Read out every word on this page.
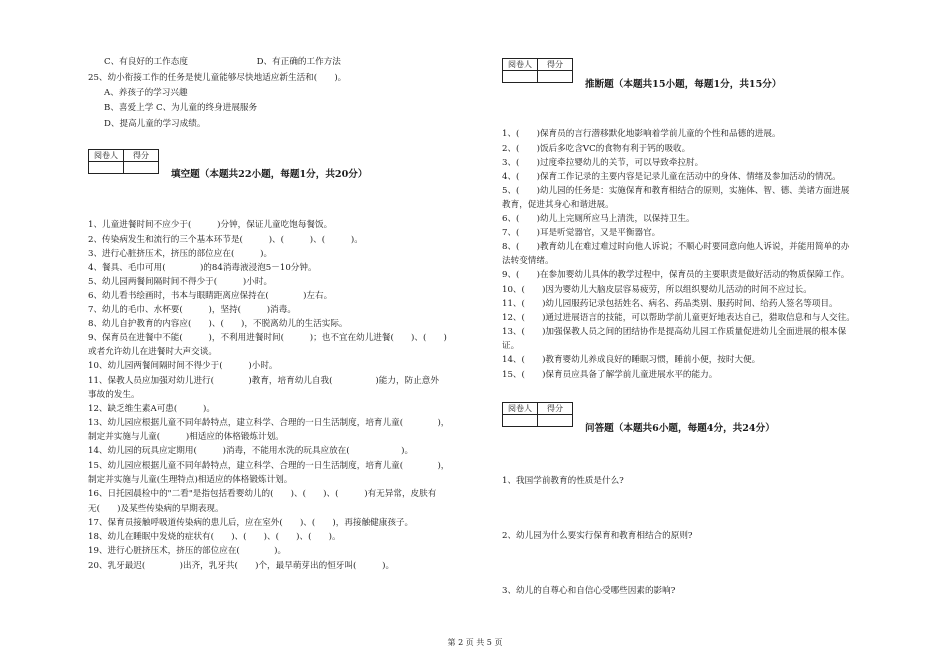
C、有良好的工作态度　　　　　　　　D、有正确的工作方法
25、幼小衔接工作的任务是使儿童能够尽快地适应新生活和(　　)。
A、养孩子的学习兴趣
B、喜爱上学 C、为儿童的终身进展服务
D、提高儿童的学习成绩。
阅卷人	得分

填空题（本题共22小题，每题1分，共20分）
1、儿童进餐时间不应少于(　　　)分钟，保证儿童吃饱每餐饭。
2、传染病发生和流行的三个基本环节是(　　　)、(　　　)、(　　　)。
3、进行心脏挤压术，挤压的部位应在(　　　)。
4、餐具、毛巾可用(　　　　)的84消毒液浸泡5－10分钟。
5、幼儿园两餐间隔时间不得少于(　　　)小时。
6、幼儿看书绘画时，书本与眼睛距离应保持在(　　　　)左右。
7、幼儿的毛巾、水杯要(　　　)，坚持(　　　)消毒。
8、幼儿自护教育的内容应(　　)、(　　)，不脱离幼儿的生活实际。
9、保育员在进餐中不能(　　　)，不利用进餐时间(　　　)；也不宜在幼儿进餐(　　)、(　　)
或者允许幼儿在进餐时大声交谈。
10、幼儿园两餐间隔时间不得少于(　　　)小时。
11、保教人员应加强对幼儿进行(　　　　)教育，培育幼儿自我(　　　　　)能力，防止意外
事故的发生。
12、缺乏维生素A可患(　　　)。
13、幼儿园应根据儿童不同年龄特点，建立科学、合理的一日生活制度，培育儿童(　　　　)，
制定并实施与儿童(　　　)相适应的体格锻炼计划。
14、幼儿园的玩具应定期用(　　　)消毒，不能用水洗的玩具应放在(　　　　　　)。
15、幼儿园应根据儿童不同年龄特点，建立科学、合理的一日生活制度，培育儿童(　　　　)，
制定并实施与儿童(生理特点)相适应的体格锻炼计划。
16、日托园晨检中的"二看"是指包括看婴幼儿的(　　)、(　　)、(　　　)有无异常，皮肤有
无(　　)及某些传染病的早期表现。
17、保育员接触呼吸道传染病的患儿后，应在室外(　　)、(　　)，再接触健康孩子。
18、幼儿在睡眠中发烧的症状有(　　)、(　　)、(　　)、(　　)。
19、进行心脏挤压术，挤压的部位应在(　　　　)。
20、乳牙最迟(　　　　)出齐，乳牙共(　　)个，最早萌芽出的恒牙叫(　　　)。
阅卷人	得分

推断题（本题共15小题，每题1分，共15分）
1、(　　)保育员的言行潜移默化地影响着学前儿童的个性和品德的进展。
2、(　　)饭后多吃含VC的食物有利于钙的吸收。
3、(　　)过度牵拉婴幼儿的关节，可以导致牵拉肘。
4、(　　)保育工作记录的主要内容是记录儿童在活动中的身体、情绪及参加活动的情况。
5、(　　)幼儿园的任务是：实施保育和教育相结合的原则，实施体、智、德、美诸方面进展
教育，促进其身心和谐进展。
6、(　　)幼儿上完厕所应马上清洗，以保持卫生。
7、(　　)耳是听觉器官，又是平衡器官。
8、(　　)教育幼儿在难过难过时向他人诉说；不顺心时要同意向他人诉说，并能用简单的办
法转变情绪。
9、(　　)在参加婴幼儿具体的教学过程中，保育员的主要职责是做好活动的物质保障工作。
10、(　　)因为婴幼儿大脑皮层容易疲劳，所以组织婴幼儿活动的时间不应过长。
11、(　　)幼儿园服药记录包括姓名、病名、药品类别、服药时间、给药人签名等项目。
12、(　　)通过进展语言的技能，可以帮助学前儿童更好地表达自己，猎取信息和与人交往。
13、(　　)加强保教人员之间的团结协作是提高幼儿园工作质量促进幼儿全面进展的根本保
证。
14、(　　)教育婴幼儿养成良好的睡眠习惯，睡前小便，按时大便。
15、(　　)保育员应具备了解学前儿童进展水平的能力。
阅卷人	得分

问答题（本题共6小题，每题4分，共24分）
1、我国学前教育的性质是什么?
2、幼儿园为什么要实行保育和教育相结合的原则?
3、幼儿的自尊心和自信心受哪些因素的影响?
第 2 页 共 5 页
